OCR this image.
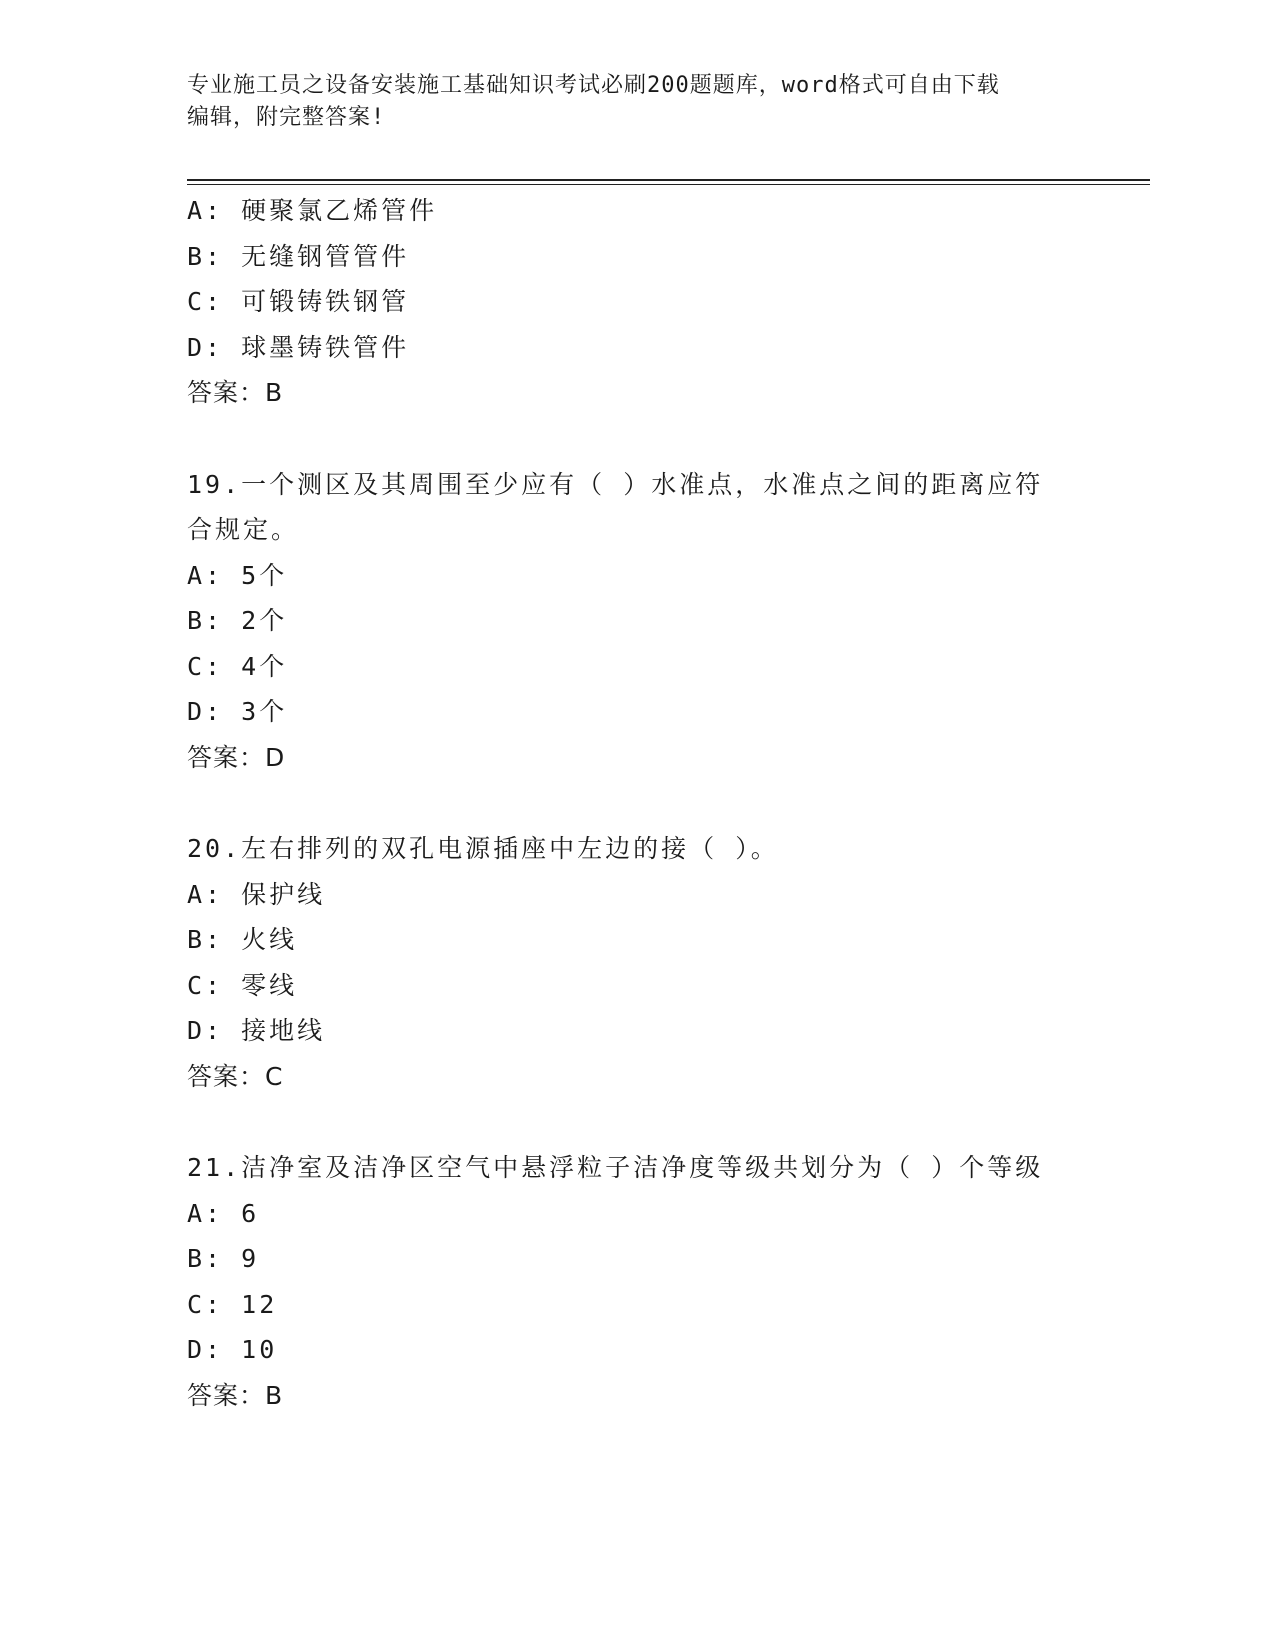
专业施工员之设备安装施工基础知识考试必刷200题题库，word格式可自由下载
编辑，附完整答案!
A: 硬聚氯乙烯管件
B: 无缝钢管管件
C: 可锻铸铁钢管
D: 球墨铸铁管件
答案：B
19.一个测区及其周围至少应有（ ）水准点，水准点之间的距离应符
合规定。
A: 5个
B: 2个
C: 4个
D: 3个
答案：D
20.左右排列的双孔电源插座中左边的接（ ）。
A: 保护线
B: 火线
C: 零线
D: 接地线
答案：C
21.洁净室及洁净区空气中悬浮粒子洁净度等级共划分为（ ）个等级
A: 6
B: 9
C: 12
D: 10
答案：B
